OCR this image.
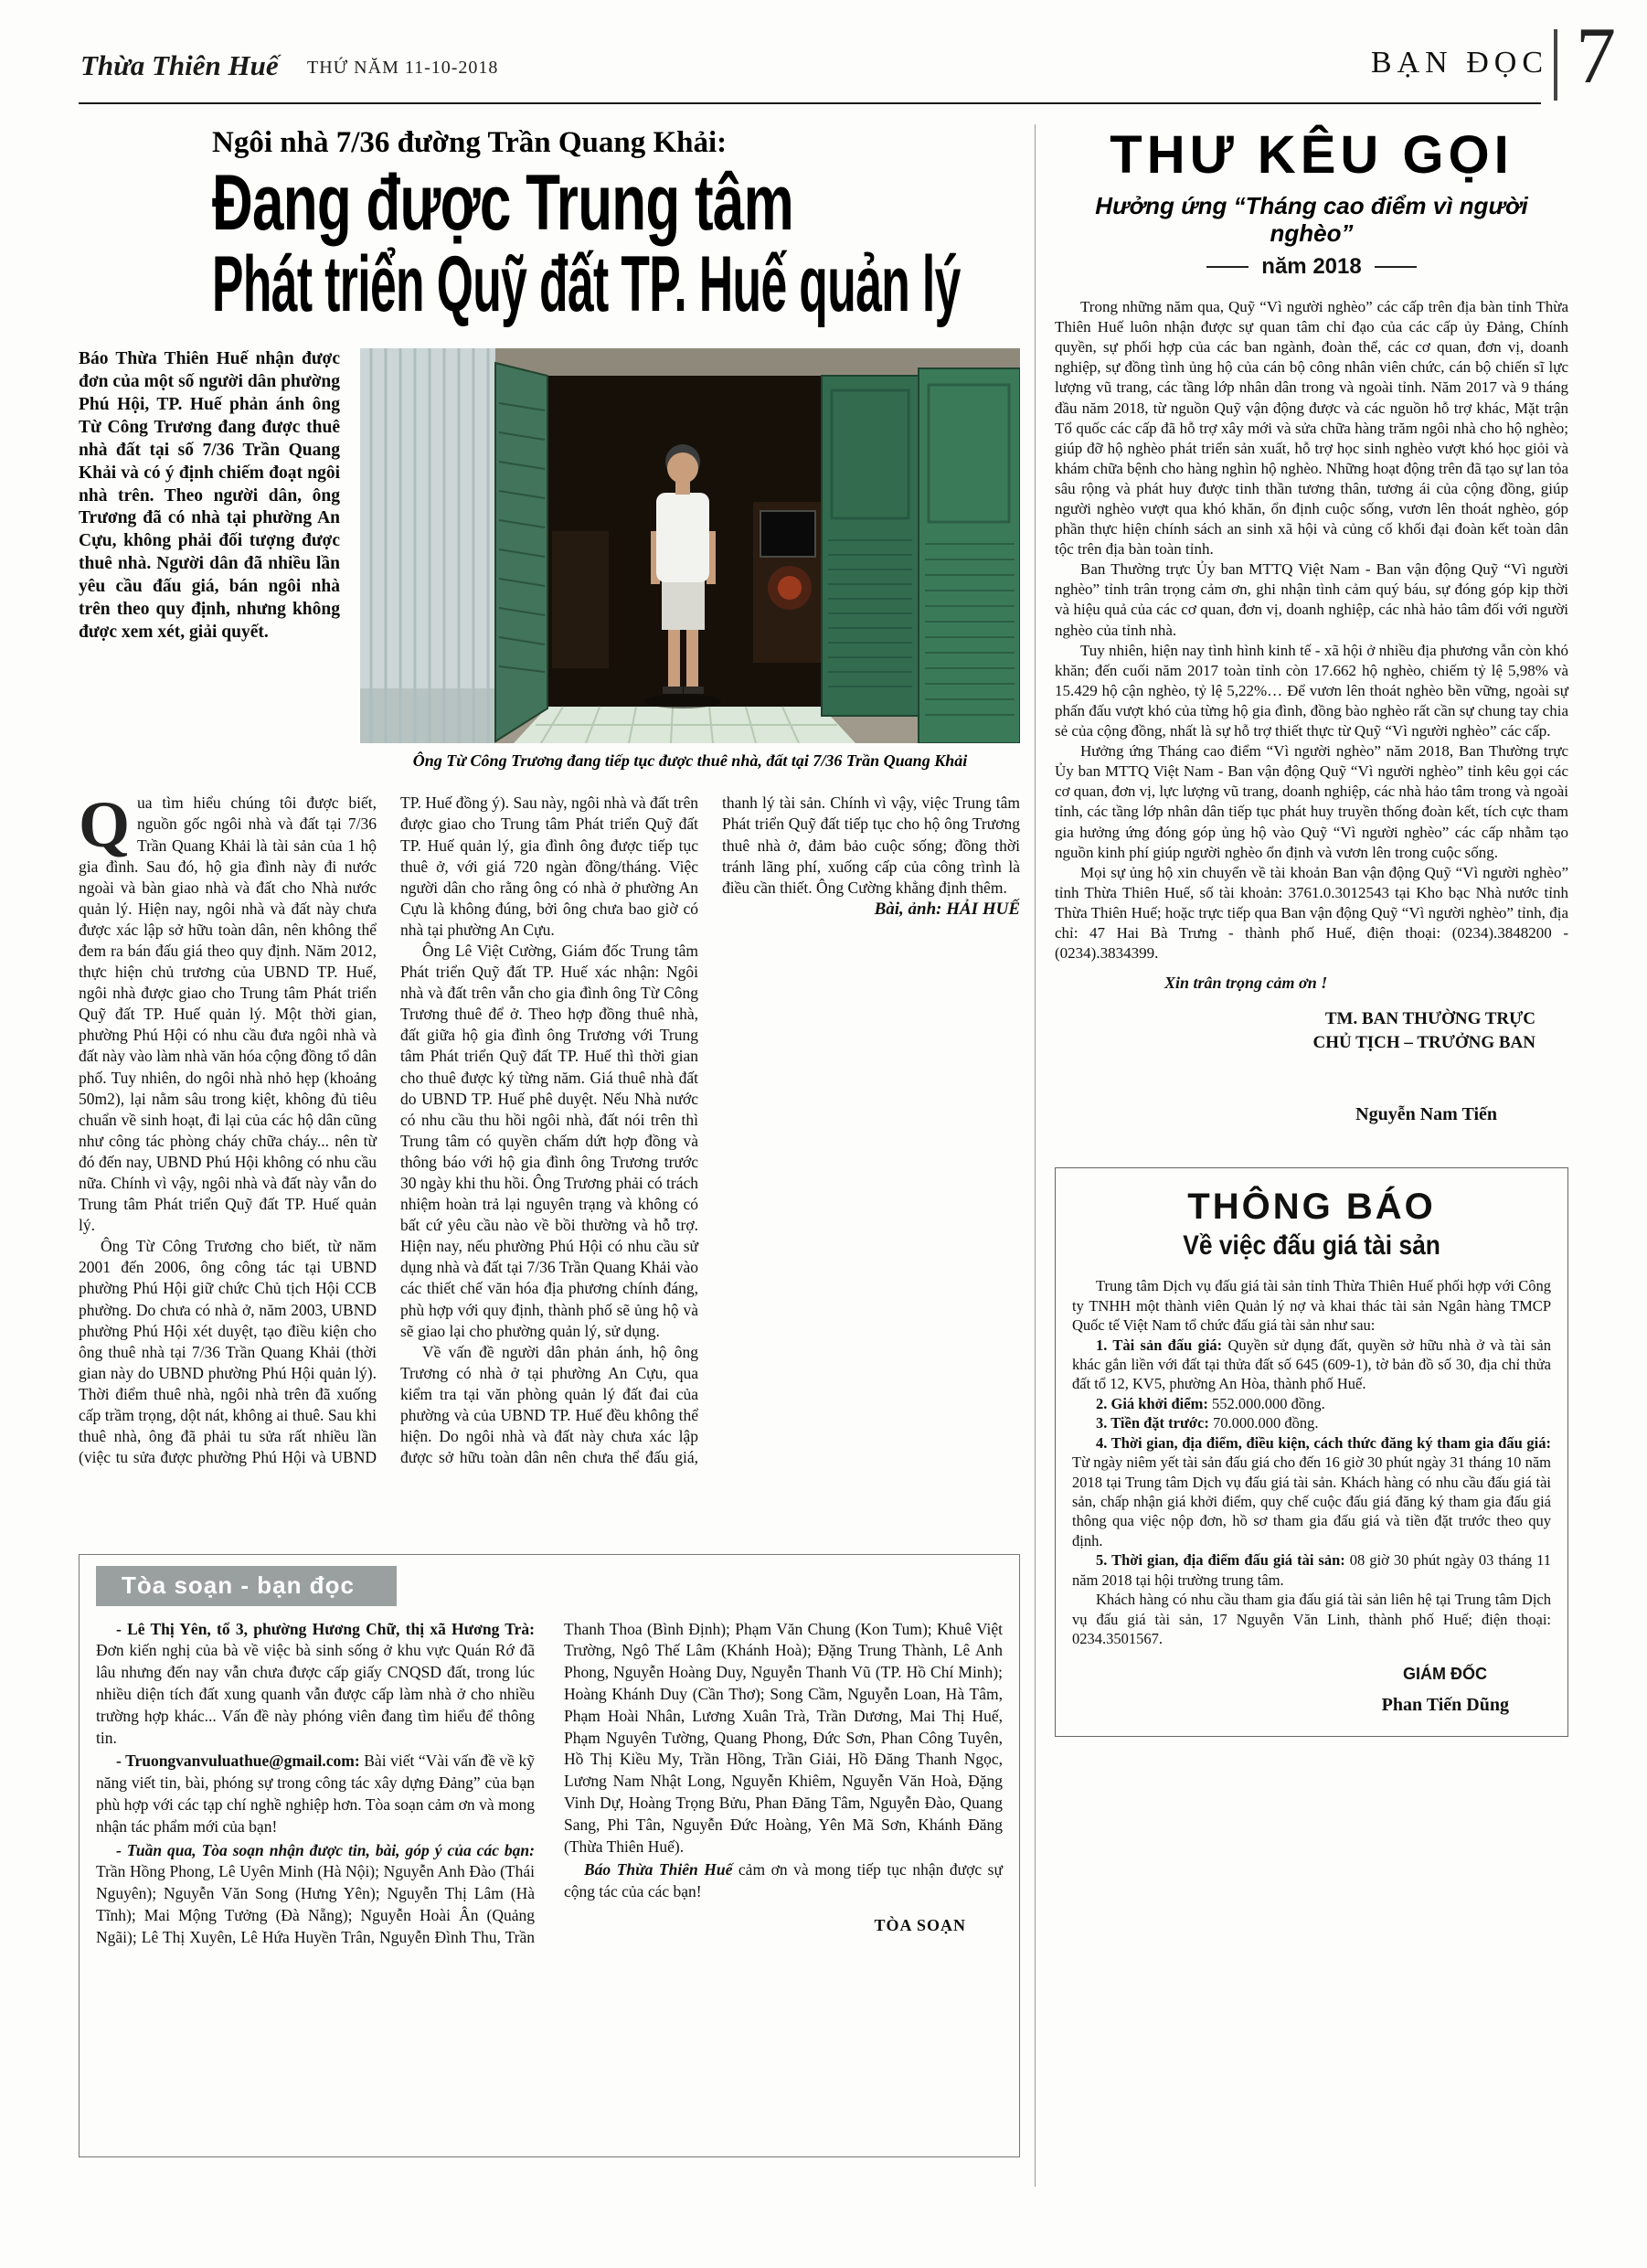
Thừa Thiên Huế THỨ NĂM 11-10-2018	BẠN ĐỌC 7
Ngôi nhà 7/36 đường Trần Quang Khải:
Đang được Trung tâm
Phát triển Quỹ đất TP. Huế quản lý
Báo Thừa Thiên Huế nhận được đơn của một số người dân phường Phú Hội, TP. Huế phản ánh ông Từ Công Trương đang được thuê nhà đất tại số 7/36 Trần Quang Khải và có ý định chiếm đoạt ngôi nhà trên. Theo người dân, ông Trương đã có nhà tại phường An Cựu, không phải đối tượng được thuê nhà. Người dân đã nhiều lần yêu cầu đấu giá, bán ngôi nhà trên theo quy định, nhưng không được xem xét, giải quyết.
Ông Từ Công Trương đang tiếp tục được thuê nhà, đất tại 7/36 Trần Quang Khải

Qua tìm hiểu chúng tôi được biết, nguồn gốc ngôi nhà và đất tại 7/36 Trần Quang Khải là tài sản của 1 hộ gia đình. Sau đó, hộ gia đình này đi nước ngoài và bàn giao nhà và đất cho Nhà nước quản lý. Hiện nay, ngôi nhà và đất này chưa được xác lập sở hữu toàn dân, nên không thể đem ra bán đấu giá theo quy định. Năm 2012, thực hiện chủ trương của UBND TP. Huế, ngôi nhà được giao cho Trung tâm Phát triển Quỹ đất TP. Huế quản lý. Một thời gian, phường Phú Hội có nhu cầu đưa ngôi nhà và đất này vào làm nhà văn hóa cộng đồng tổ dân phố. Tuy nhiên, do ngôi nhà nhỏ hẹp (khoảng 50m2), lại nằm sâu trong kiệt, không đủ tiêu chuẩn về sinh hoạt, đi lại của các hộ dân cũng như công tác phòng cháy chữa cháy... nên từ đó đến nay, UBND Phú Hội không có nhu cầu nữa. Chính vì vậy, ngôi nhà và đất này vẫn do Trung tâm Phát triển Quỹ đất TP. Huế quản lý.

Ông Từ Công Trương cho biết, từ năm 2001 đến 2006, ông công tác tại UBND phường Phú Hội giữ chức Chủ tịch Hội CCB phường. Do chưa có nhà ở, năm 2003, UBND phường Phú Hội xét duyệt, tạo điều kiện cho ông thuê nhà tại 7/36 Trần Quang Khải (thời gian này do UBND phường Phú Hội quản lý). Thời điểm thuê nhà, ngôi nhà trên đã xuống cấp trầm trọng, dột nát, không ai thuê. Sau khi thuê nhà, ông đã phải tu sửa rất nhiều lần (việc tu sửa được phường Phú Hội và UBND TP. Huế đồng ý). Sau này, ngôi nhà và đất trên được giao cho Trung tâm Phát triển Quỹ đất TP. Huế quản lý, gia đình ông được tiếp tục thuê ở, với giá 720 ngàn đồng/tháng. Việc người dân cho rằng ông có nhà ở phường An Cựu là không đúng, bởi ông chưa bao giờ có nhà tại phường An Cựu.

Ông Lê Việt Cường, Giám đốc Trung tâm Phát triển Quỹ đất TP. Huế xác nhận: Ngôi nhà và đất trên vẫn cho gia đình ông Từ Công Trương thuê để ở. Theo hợp đồng thuê nhà, đất giữa hộ gia đình ông Trương với Trung tâm Phát triển Quỹ đất TP. Huế thì thời gian cho thuê được ký từng năm. Giá thuê nhà đất do UBND TP. Huế phê duyệt. Nếu Nhà nước có nhu cầu thu hồi ngôi nhà, đất nói trên thì Trung tâm có quyền chấm dứt hợp đồng và thông báo với hộ gia đình ông Trương trước 30 ngày khi thu hồi. Ông Trương phải có trách nhiệm hoàn trả lại nguyên trạng và không có bất cứ yêu cầu nào về bồi thường và hỗ trợ. Hiện nay, nếu phường Phú Hội có nhu cầu sử dụng nhà và đất tại 7/36 Trần Quang Khải vào các thiết chế văn hóa địa phương chính đáng, phù hợp với quy định, thành phố sẽ ủng hộ và sẽ giao lại cho phường quản lý, sử dụng.

Về vấn đề người dân phản ánh, hộ ông Trương có nhà ở tại phường An Cựu, qua kiểm tra tại văn phòng quản lý đất đai của phường và của UBND TP. Huế đều không thể hiện. Do ngôi nhà và đất này chưa xác lập được sở hữu toàn dân nên chưa thể đấu giá, thanh lý tài sản. Chính vì vậy, việc Trung tâm Phát triển Quỹ đất tiếp tục cho hộ ông Trương thuê nhà ở, đảm bảo cuộc sống; đồng thời tránh lãng phí, xuống cấp của công trình là điều cần thiết. Ông Cường khẳng định thêm.

Bài, ảnh: HẢI HUẾ

Tòa soạn - bạn đọc

- Lê Thị Yên, tổ 3, phường Hương Chữ, thị xã Hương Trà: Đơn kiến nghị của bà về việc bà sinh sống ở khu vực Quán Rớ đã lâu nhưng đến nay vẫn chưa được cấp giấy CNQSD đất, trong lúc nhiều diện tích đất xung quanh vẫn được cấp làm nhà ở cho nhiều trường hợp khác... Vấn đề này phóng viên đang tìm hiểu để thông tin.

- Truongvanvuluathue@gmail.com: Bài viết “Vài vấn đề về kỹ năng viết tin, bài, phóng sự trong công tác xây dựng Đảng” của bạn phù hợp với các tạp chí nghề nghiệp hơn. Tòa soạn cảm ơn và mong nhận tác phẩm mới của bạn!

- Tuần qua, Tòa soạn nhận được tin, bài, góp ý của các bạn: Trần Hồng Phong, Lê Uyên Minh (Hà Nội); Nguyễn Anh Đào (Thái Nguyên); Nguyễn Văn Song (Hưng Yên); Nguyễn Thị Lâm (Hà Tĩnh); Mai Mộng Tưởng (Đà Nẵng); Nguyễn Hoài Ân (Quảng Ngãi); Lê Thị Xuyên, Lê Hứa Huyền Trân, Nguyễn Đình Thu, Trần Thanh Thoa (Bình Định); Phạm Văn Chung (Kon Tum); Khuê Việt Trường, Ngô Thế Lâm (Khánh Hoà); Đặng Trung Thành, Lê Anh Phong, Nguyễn Hoàng Duy, Nguyễn Thanh Vũ (TP. Hồ Chí Minh); Hoàng Khánh Duy (Cần Thơ); Song Cầm, Nguyễn Loan, Hà Tâm, Phạm Hoài Nhân, Lương Xuân Trà, Trần Dương, Mai Thị Huế, Phạm Nguyên Tường, Quang Phong, Đức Sơn, Phan Công Tuyên, Hồ Thị Kiều My, Trần Hồng, Trần Giải, Hồ Đăng Thanh Ngọc, Lương Nam Nhật Long, Nguyễn Khiêm, Nguyễn Văn Hoà, Đặng Vinh Dự, Hoàng Trọng Bửu, Phan Đăng Tâm, Nguyễn Đào, Quang Sang, Phi Tân, Nguyễn Đức Hoàng, Yên Mã Sơn, Khánh Đăng (Thừa Thiên Huế).

Báo Thừa Thiên Huế cảm ơn và mong tiếp tục nhận được sự cộng tác của các bạn!

TÒA SOẠN
THƯ KÊU GỌI
Hưởng ứng “Tháng cao điểm vì người nghèo”
năm 2018

Trong những năm qua, Quỹ “Vì người nghèo” các cấp trên địa bàn tỉnh Thừa Thiên Huế luôn nhận được sự quan tâm chỉ đạo của các cấp ủy Đảng, Chính quyền, sự phối hợp của các ban ngành, đoàn thể, các cơ quan, đơn vị, doanh nghiệp, sự đồng tình ủng hộ của cán bộ công nhân viên chức, cán bộ chiến sĩ lực lượng vũ trang, các tầng lớp nhân dân trong và ngoài tỉnh. Năm 2017 và 9 tháng đầu năm 2018, từ nguồn Quỹ vận động được và các nguồn hỗ trợ khác, Mặt trận Tổ quốc các cấp đã hỗ trợ xây mới và sửa chữa hàng trăm ngôi nhà cho hộ nghèo; giúp đỡ hộ nghèo phát triển sản xuất, hỗ trợ học sinh nghèo vượt khó học giỏi và khám chữa bệnh cho hàng nghìn hộ nghèo. Những hoạt động trên đã tạo sự lan tỏa sâu rộng và phát huy được tinh thần tương thân, tương ái của cộng đồng, giúp người nghèo vượt qua khó khăn, ổn định cuộc sống, vươn lên thoát nghèo, góp phần thực hiện chính sách an sinh xã hội và củng cố khối đại đoàn kết toàn dân tộc trên địa bàn toàn tỉnh.

Ban Thường trực Ủy ban MTTQ Việt Nam - Ban vận động Quỹ “Vì người nghèo” tỉnh trân trọng cảm ơn, ghi nhận tình cảm quý báu, sự đóng góp kịp thời và hiệu quả của các cơ quan, đơn vị, doanh nghiệp, các nhà hảo tâm đối với người nghèo của tỉnh nhà.

Tuy nhiên, hiện nay tình hình kinh tế - xã hội ở nhiều địa phương vẫn còn khó khăn; đến cuối năm 2017 toàn tỉnh còn 17.662 hộ nghèo, chiếm tỷ lệ 5,98% và 15.429 hộ cận nghèo, tỷ lệ 5,22%… Để vươn lên thoát nghèo bền vững, ngoài sự phấn đấu vượt khó của từng hộ gia đình, đồng bào nghèo rất cần sự chung tay chia sẻ của cộng đồng, nhất là sự hỗ trợ thiết thực từ Quỹ “Vì người nghèo” các cấp.

Hưởng ứng Tháng cao điểm “Vì người nghèo” năm 2018, Ban Thường trực Ủy ban MTTQ Việt Nam - Ban vận động Quỹ “Vì người nghèo” tỉnh kêu gọi các cơ quan, đơn vị, lực lượng vũ trang, doanh nghiệp, các nhà hảo tâm trong và ngoài tỉnh, các tầng lớp nhân dân tiếp tục phát huy truyền thống đoàn kết, tích cực tham gia hưởng ứng đóng góp ủng hộ vào Quỹ “Vì người nghèo” các cấp nhằm tạo nguồn kinh phí giúp người nghèo ổn định và vươn lên trong cuộc sống.

Mọi sự ủng hộ xin chuyển về tài khoản Ban vận động Quỹ “Vì người nghèo” tỉnh Thừa Thiên Huế, số tài khoản: 3761.0.3012543 tại Kho bạc Nhà nước tỉnh Thừa Thiên Huế; hoặc trực tiếp qua Ban vận động Quỹ “Vì người nghèo” tỉnh, địa chỉ: 47 Hai Bà Trưng - thành phố Huế, điện thoại: (0234).3848200 - (0234).3834399.

Xin trân trọng cảm ơn !
TM. BAN THƯỜNG TRỰC
CHỦ TỊCH – TRƯỞNG BAN
Nguyễn Nam Tiến
THÔNG BÁO
Về việc đấu giá tài sản

Trung tâm Dịch vụ đấu giá tài sản tỉnh Thừa Thiên Huế phối hợp với Công ty TNHH một thành viên Quản lý nợ và khai thác tài sản Ngân hàng TMCP Quốc tế Việt Nam tổ chức đấu giá tài sản như sau:

1. Tài sản đấu giá: Quyền sử dụng đất, quyền sở hữu nhà ở và tài sản khác gắn liền với đất tại thửa đất số 645 (609-1), tờ bản đồ số 30, địa chỉ thửa đất tổ 12, KV5, phường An Hòa, thành phố Huế.

2. Giá khởi điểm: 552.000.000 đồng.

3. Tiền đặt trước: 70.000.000 đồng.

4. Thời gian, địa điểm, điều kiện, cách thức đăng ký tham gia đấu giá: Từ ngày niêm yết tài sản đấu giá cho đến 16 giờ 30 phút ngày 31 tháng 10 năm 2018 tại Trung tâm Dịch vụ đấu giá tài sản. Khách hàng có nhu cầu đấu giá tài sản, chấp nhận giá khởi điểm, quy chế cuộc đấu giá đăng ký tham gia đấu giá thông qua việc nộp đơn, hồ sơ tham gia đấu giá và tiền đặt trước theo quy định.

5. Thời gian, địa điểm đấu giá tài sản: 08 giờ 30 phút ngày 03 tháng 11 năm 2018 tại hội trường trung tâm.

Khách hàng có nhu cầu tham gia đấu giá tài sản liên hệ tại Trung tâm Dịch vụ đấu giá tài sản, 17 Nguyễn Văn Linh, thành phố Huế; điện thoại: 0234.3501567.

GIÁM ĐỐC
Phan Tiến Dũng
